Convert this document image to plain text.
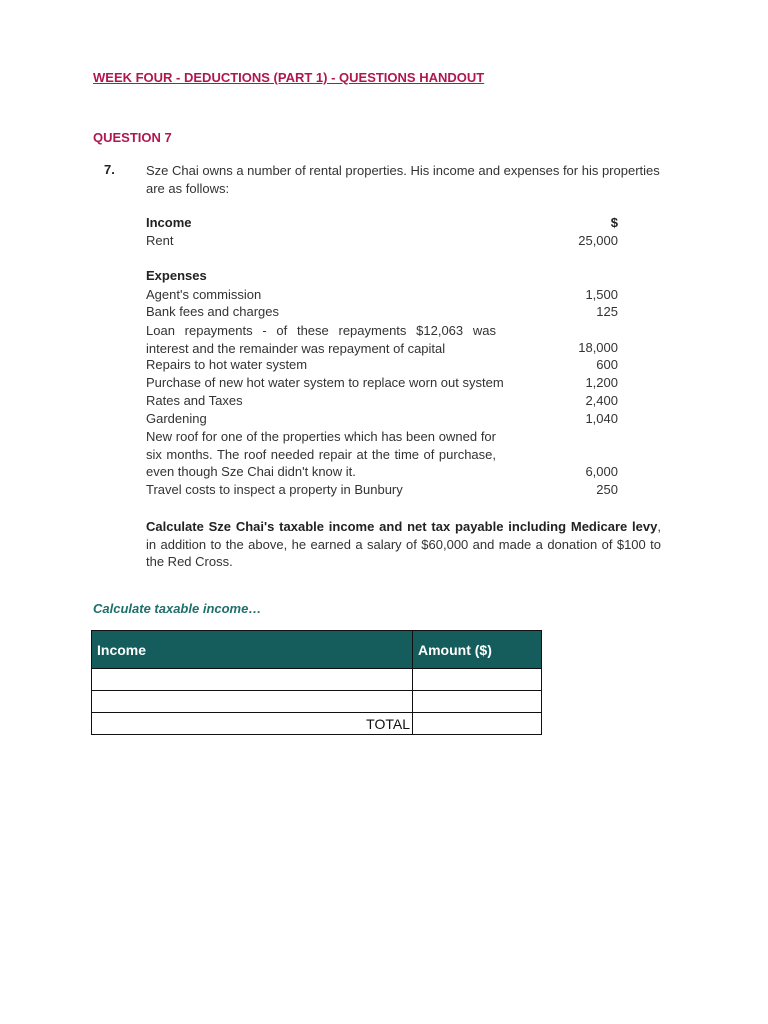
WEEK FOUR - DEDUCTIONS (PART 1) - QUESTIONS HANDOUT
QUESTION 7
7. Sze Chai owns a number of rental properties. His income and expenses for his properties are as follows:
Income	$
Rent	25,000
Expenses
Agent's commission	1,500
Bank fees and charges	125
Loan repayments - of these repayments $12,063 was interest and the remainder was repayment of capital	18,000
Repairs to hot water system	600
Purchase of new hot water system to replace worn out system	1,200
Rates and Taxes	2,400
Gardening	1,040
New roof for one of the properties which has been owned for six months. The roof needed repair at the time of purchase, even though Sze Chai didn't know it.	6,000
Travel costs to inspect a property in Bunbury	250
Calculate Sze Chai's taxable income and net tax payable including Medicare levy, in addition to the above, he earned a salary of $60,000 and made a donation of $100 to the Red Cross.
Calculate taxable income…
Income	Amount ($)

TOTAL	
